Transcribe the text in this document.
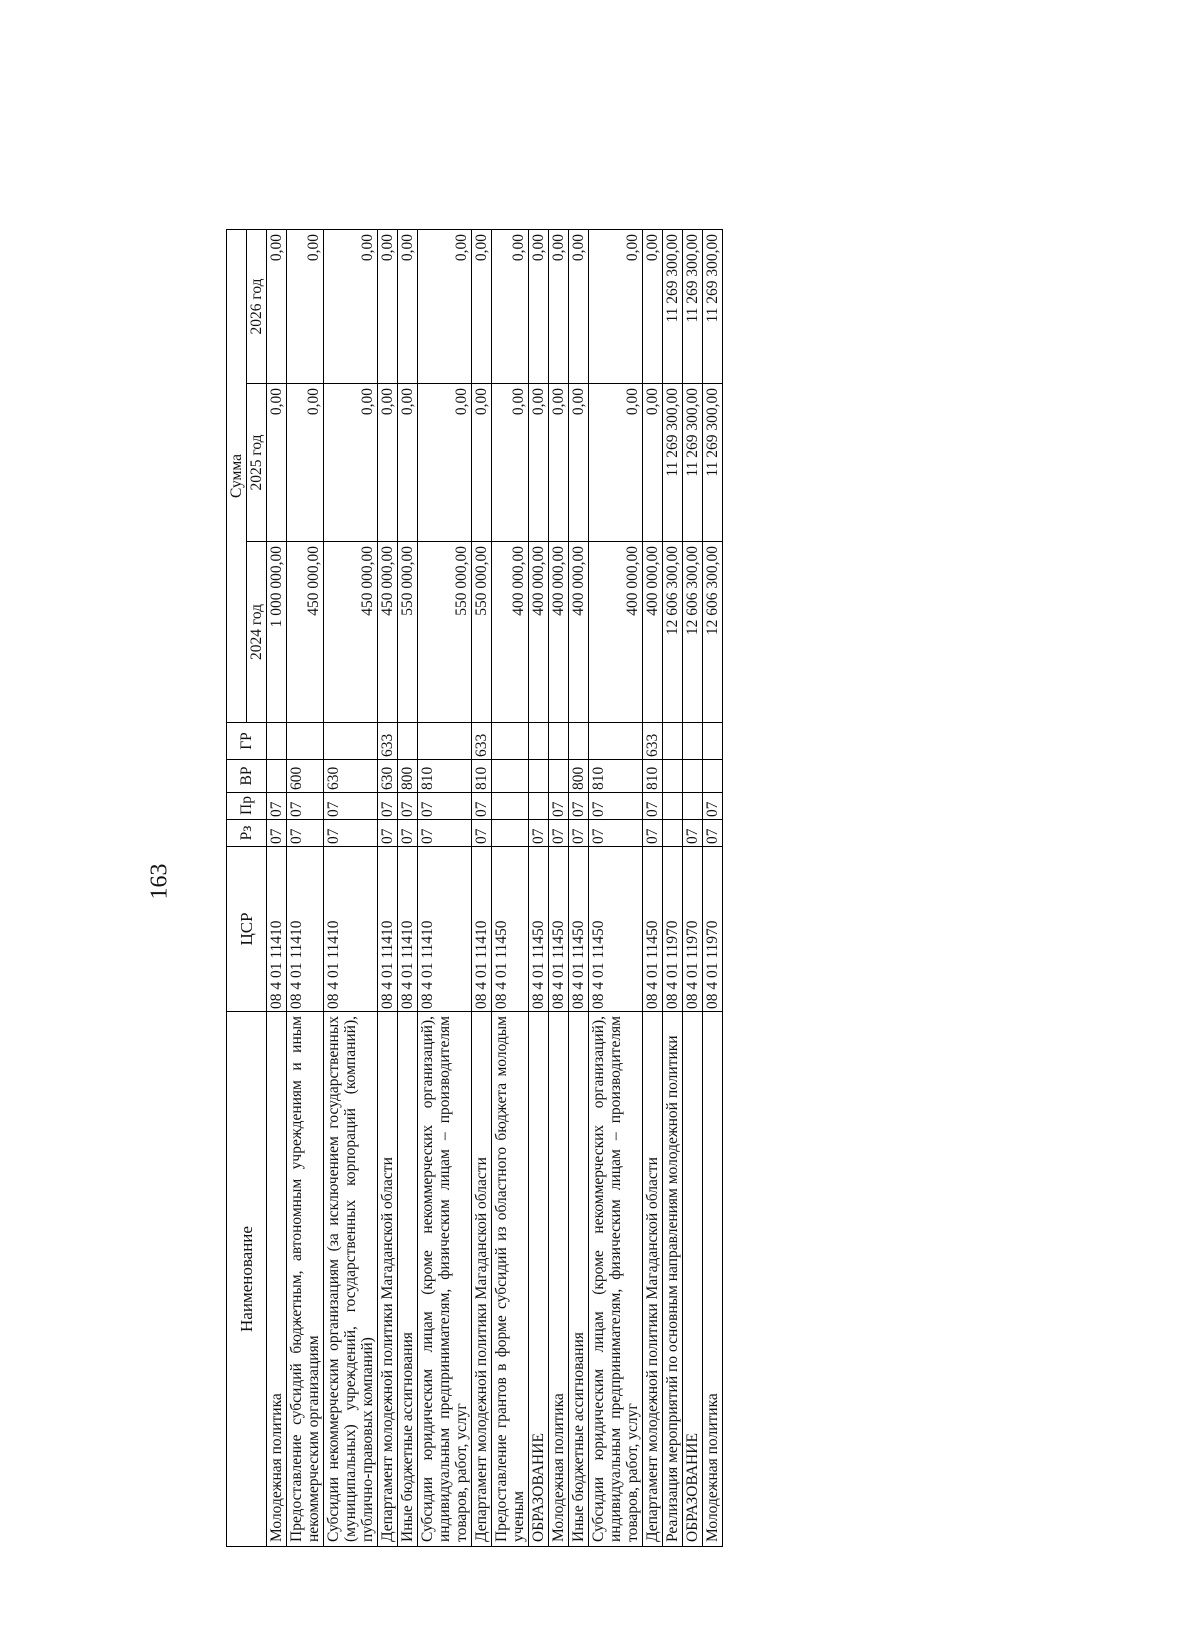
163
Наименование	ЦСР	Рз	Пр	ВР	ГР	Сумма		
						2024 год	2025 год	2026 год
Молодежная политика	08 4 01 11410	07	07			1 000 000,00	0,00	0,00
Предоставление субсидий бюджетным, автономным учреждениям и иным некоммерческим организациям	08 4 01 11410	07	07	600		450 000,00	0,00	0,00
Субсидии некоммерческим организациям (за исключением государственных (муниципальных) учреждений, государственных корпораций (компаний), публично-правовых компаний)	08 4 01 11410	07	07	630		450 000,00	0,00	0,00
Департамент молодежной политики Магаданской области	08 4 01 11410	07	07	630	633	450 000,00	0,00	0,00
Иные бюджетные ассигнования	08 4 01 11410	07	07	800		550 000,00	0,00	0,00
Субсидии юридическим лицам (кроме некоммерческих организаций), индивидуальным предпринимателям, физическим лицам – производителям товаров, работ, услуг	08 4 01 11410	07	07	810		550 000,00	0,00	0,00
Департамент молодежной политики Магаданской области	08 4 01 11410	07	07	810	633	550 000,00	0,00	0,00
Предоставление грантов в форме субсидий из областного бюджета молодым ученым	08 4 01 11450					400 000,00	0,00	0,00
ОБРАЗОВАНИЕ	08 4 01 11450	07				400 000,00	0,00	0,00
Молодежная политика	08 4 01 11450	07	07			400 000,00	0,00	0,00
Иные бюджетные ассигнования	08 4 01 11450	07	07	800		400 000,00	0,00	0,00
Субсидии юридическим лицам (кроме некоммерческих организаций), индивидуальным предпринимателям, физическим лицам – производителям товаров, работ, услуг	08 4 01 11450	07	07	810		400 000,00	0,00	0,00
Департамент молодежной политики Магаданской области	08 4 01 11450	07	07	810	633	400 000,00	0,00	0,00
Реализация мероприятий по основным направлениям молодежной политики	08 4 01 11970					12 606 300,00	11 269 300,00	11 269 300,00
ОБРАЗОВАНИЕ	08 4 01 11970	07				12 606 300,00	11 269 300,00	11 269 300,00
Молодежная политика	08 4 01 11970	07	07			12 606 300,00	11 269 300,00	11 269 300,00
